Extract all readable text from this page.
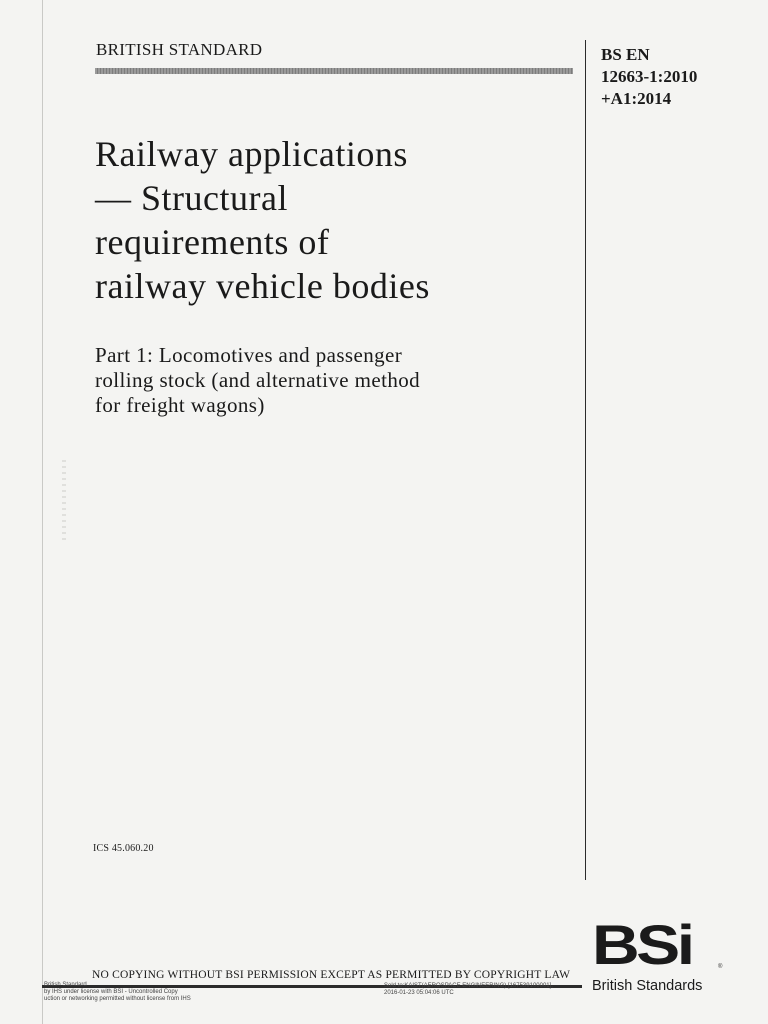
BRITISH STANDARD	BS EN
12663-1:2010
+A1:2014
Railway applications
— Structural
requirements of
railway vehicle bodies
Part 1: Locomotives and passenger
rolling stock (and alternative method
for freight wagons)
ICS 45.060.20
NO COPYING WITHOUT BSI PERMISSION EXCEPT AS PERMITTED BY COPYRIGHT LAW
British Standard
by IHS under license with BSI - Uncontrolled Copy
uction or networking permitted without license from IHS
Sold to:KAIST(AEROSPACE ENGINEERING) [167539100001],
2016-01-23 05:04:06 UTC
BSi	®
British Standards
